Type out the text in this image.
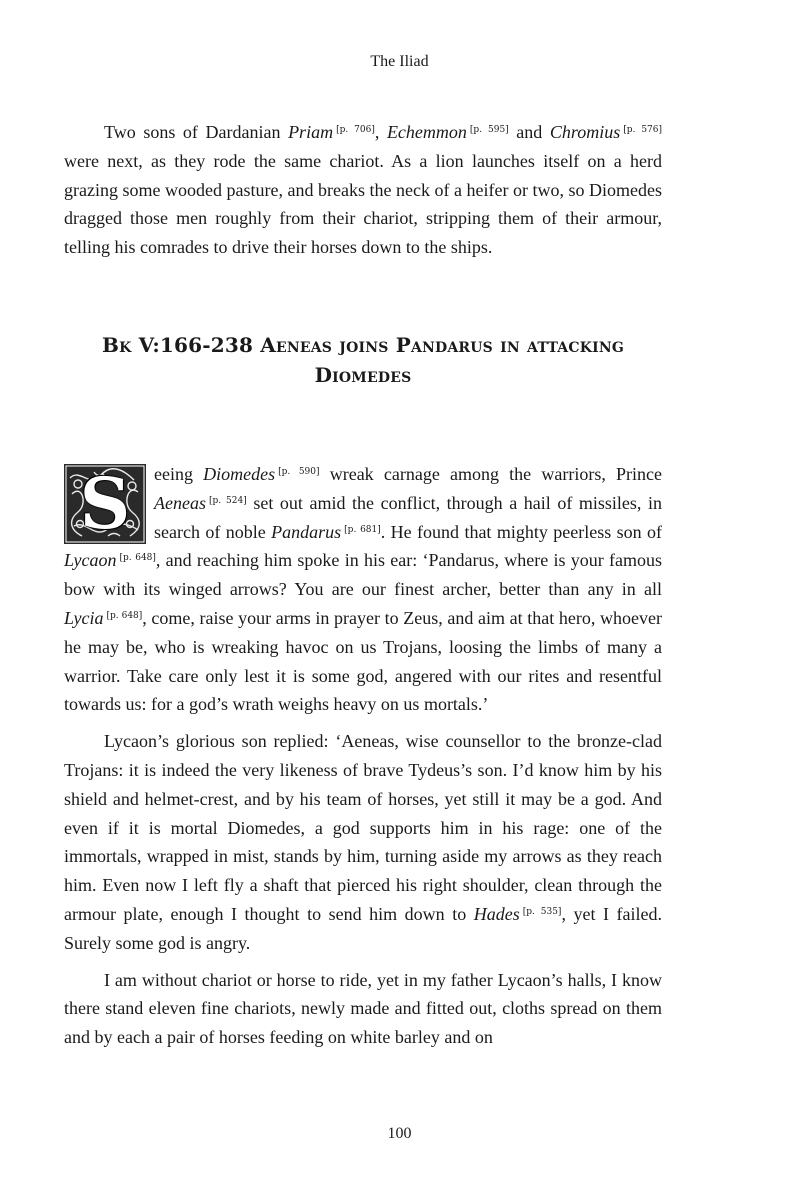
The Iliad

Two sons of Dardanian Priam [p. 706], Echemmon [p. 595] and Chromius [p. 576] were next, as they rode the same chariot. As a lion launches itself on a herd grazing some wooded pasture, and breaks the neck of a heifer or two, so Diomedes dragged those men roughly from their chariot, stripping them of their armour, telling his comrades to drive their horses down to the ships.

Bk V:166-238 Aeneas joins Pandarus in attacking
Diomedes

S	eeing Diomedes [p. 590] wreak carnage among the warriors, Prince Aeneas [p. 524] set out amid the conflict, through a hail of missiles, in search of noble Pandarus [p. 681]. He found that mighty peerless son of Lycaon [p. 648], and reaching him spoke in his ear: ‘Pandarus, where is your famous bow with its winged arrows? You are our finest archer, better than any in all Lycia [p. 648], come, raise your arms in prayer to Zeus, and aim at that hero, whoever he may be, who is wreaking havoc on us Trojans, loosing the limbs of many a warrior. Take care only lest it is some god, angered with our rites and resentful towards us: for a god’s wrath weighs heavy on us mortals.’

Lycaon’s glorious son replied: ‘Aeneas, wise counsellor to the bronze-clad Trojans: it is indeed the very likeness of brave Tydeus’s son. I’d know him by his shield and helmet-crest, and by his team of horses, yet still it may be a god. And even if it is mortal Diomedes, a god supports him in his rage: one of the immortals, wrapped in mist, stands by him, turning aside my arrows as they reach him. Even now I left fly a shaft that pierced his right shoulder, clean through the armour plate, enough I thought to send him down to Hades [p. 535], yet I failed. Surely some god is angry.

I am without chariot or horse to ride, yet in my father Lycaon’s halls, I know there stand eleven fine chariots, newly made and fitted out, cloths spread on them and by each a pair of horses feeding on white barley and on

100
